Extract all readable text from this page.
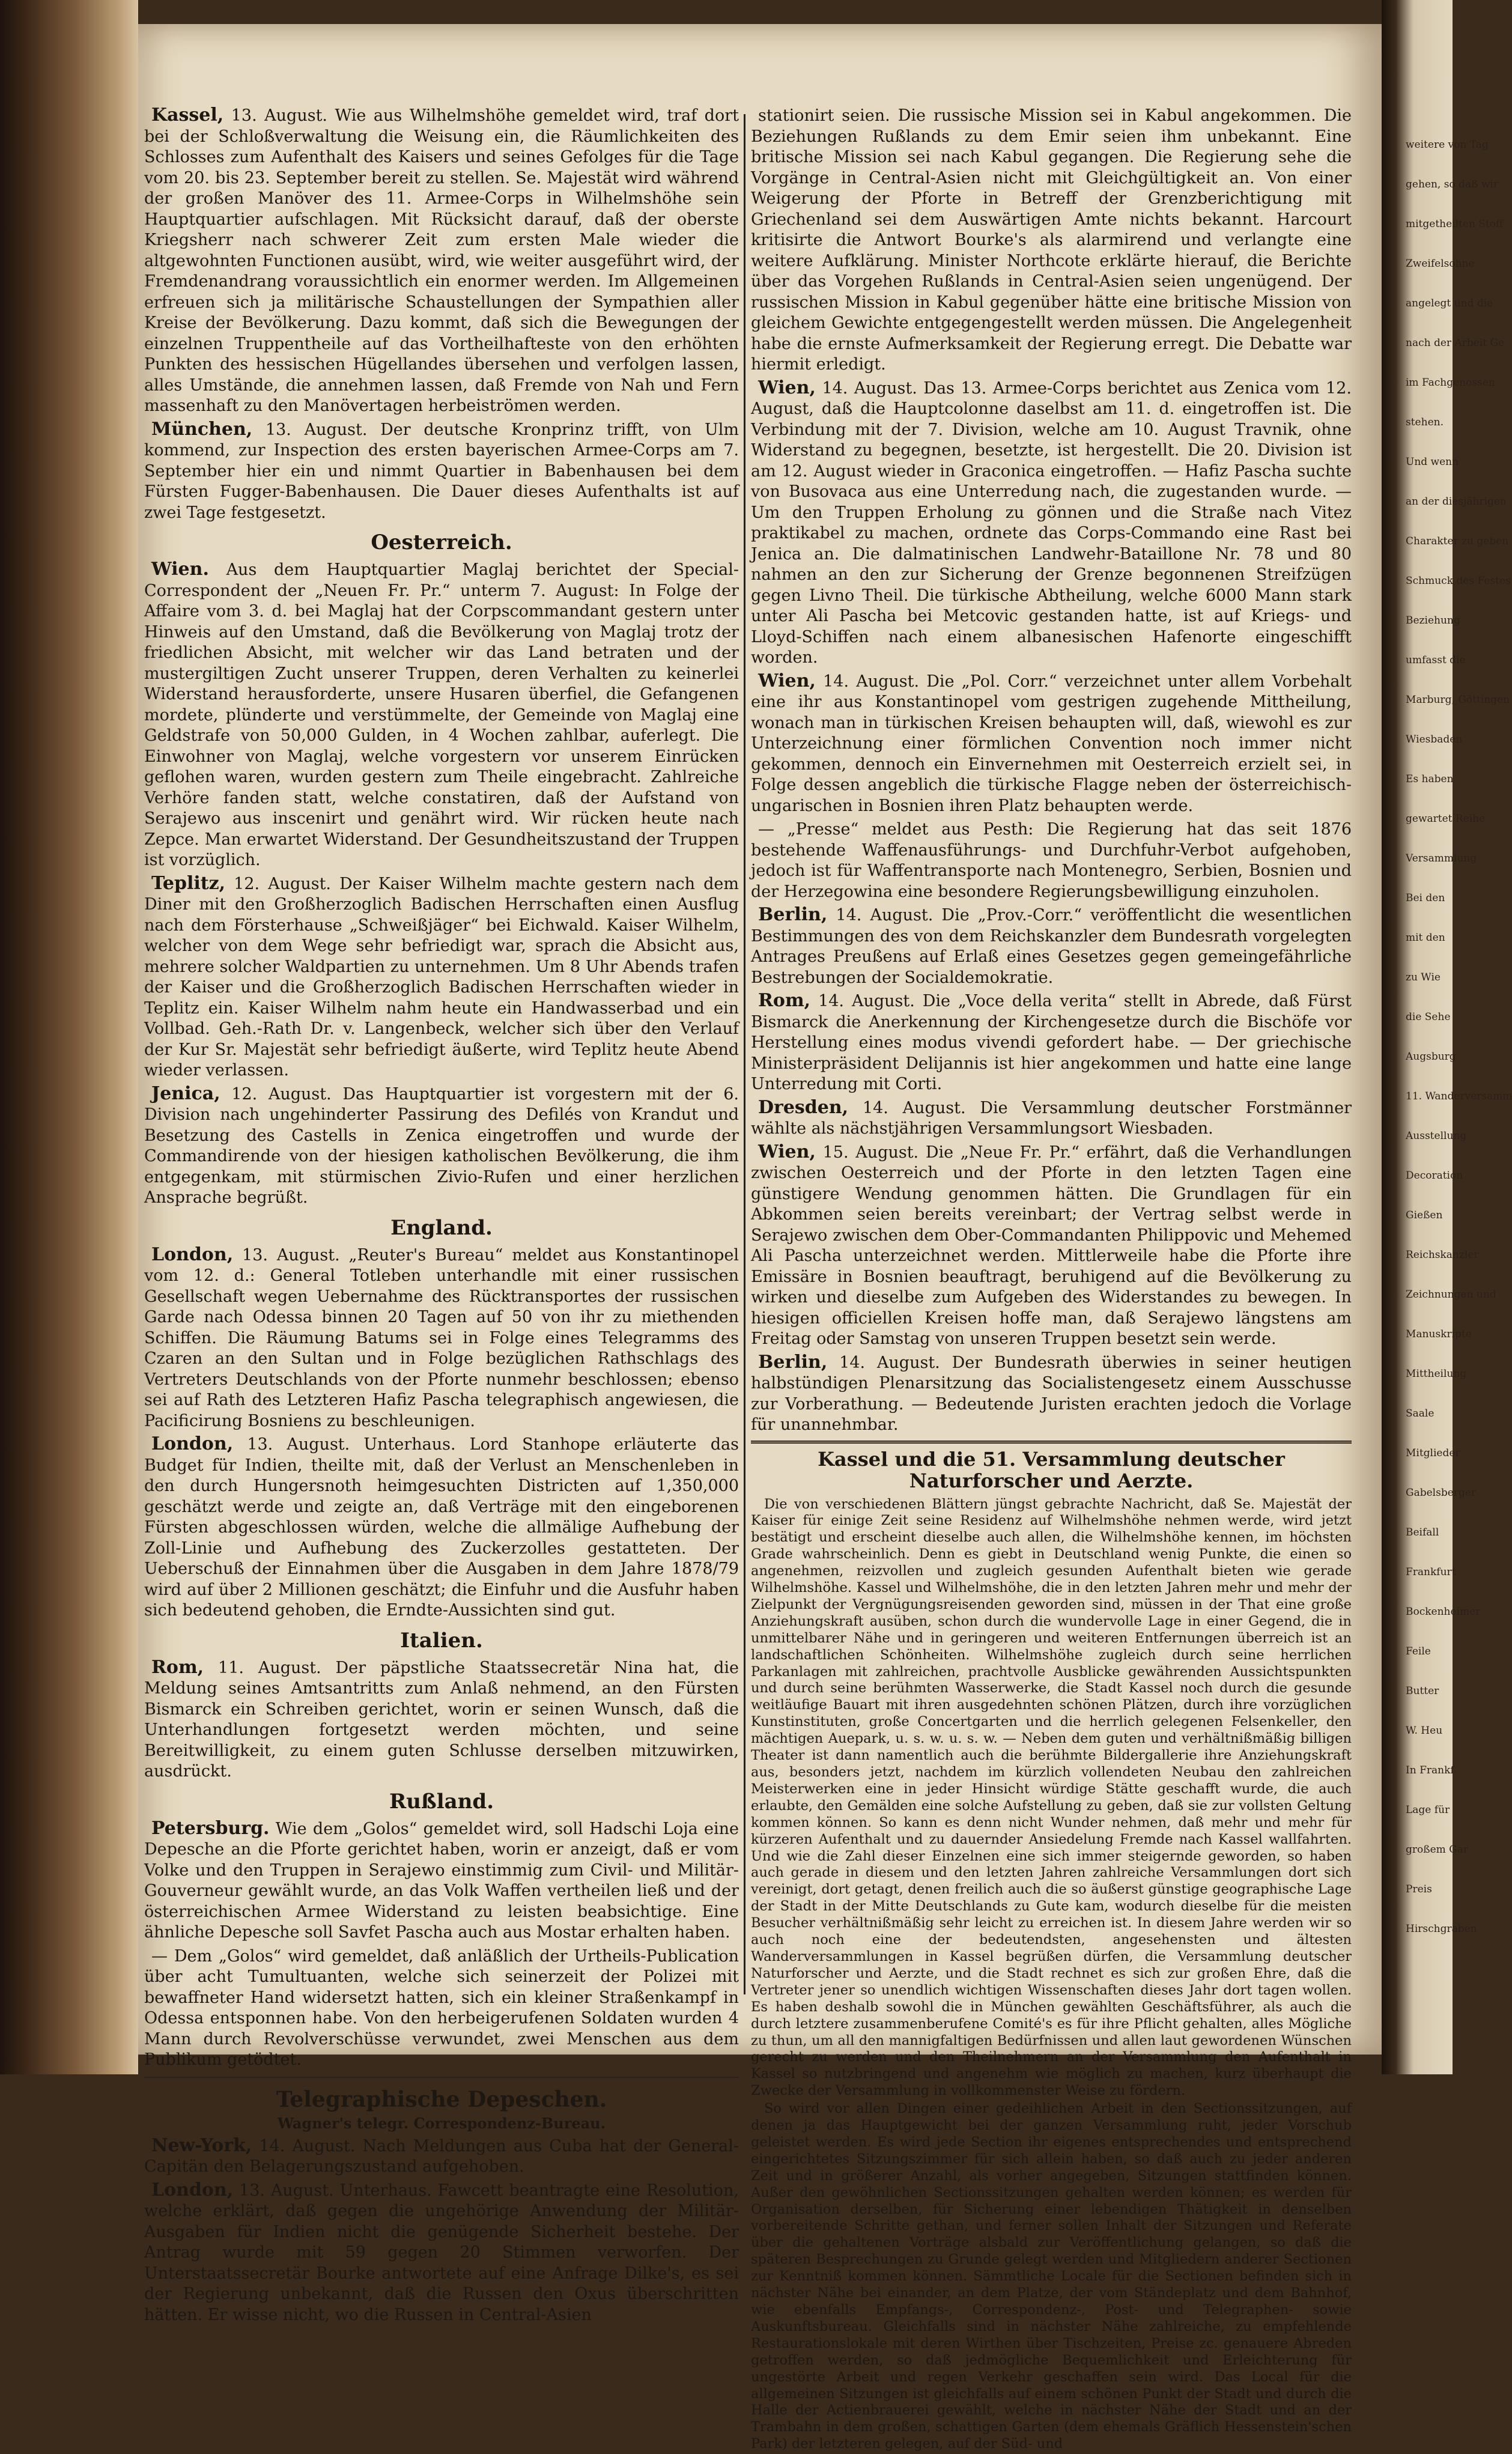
Kassel, 13. August. Wie aus Wilhelmshöhe gemeldet wird, traf dort bei der Schloßverwaltung die Weisung ein, die Räumlichkeiten des Schlosses zum Aufenthalt des Kaisers und seines Gefolges für die Tage vom 20. bis 23. September bereit zu stellen. Se. Majestät wird während der großen Manöver des 11. Armee-Corps in Wilhelmshöhe sein Hauptquartier aufschlagen. Mit Rücksicht darauf, daß der oberste Kriegsherr nach schwerer Zeit zum ersten Male wieder die altgewohnten Functionen ausübt, wird, wie weiter ausgeführt wird, der Fremdenandrang voraussichtlich ein enormer werden. Im Allgemeinen erfreuen sich ja militärische Schaustellungen der Sympathien aller Kreise der Bevölkerung. Dazu kommt, daß sich die Bewegungen der einzelnen Truppentheile auf das Vortheilhafteste von den erhöhten Punkten des hessischen Hügellandes übersehen und verfolgen lassen, alles Umstände, die annehmen lassen, daß Fremde von Nah und Fern massenhaft zu den Manövertagen herbeiströmen werden.

München, 13. August. Der deutsche Kronprinz trifft, von Ulm kommend, zur Inspection des ersten bayerischen Armee-Corps am 7. September hier ein und nimmt Quartier in Babenhausen bei dem Fürsten Fugger-Babenhausen. Die Dauer dieses Aufenthalts ist auf zwei Tage festgesetzt.

Oesterreich.

Wien. Aus dem Hauptquartier Maglaj berichtet der Special-Correspondent der „Neuen Fr. Pr.“ unterm 7. August: In Folge der Affaire vom 3. d. bei Maglaj hat der Corpscommandant gestern unter Hinweis auf den Umstand, daß die Bevölkerung von Maglaj trotz der friedlichen Absicht, mit welcher wir das Land betraten und der mustergiltigen Zucht unserer Truppen, deren Verhalten zu keinerlei Widerstand herausforderte, unsere Husaren überfiel, die Gefangenen mordete, plünderte und verstümmelte, der Gemeinde von Maglaj eine Geldstrafe von 50,000 Gulden, in 4 Wochen zahlbar, auferlegt. Die Einwohner von Maglaj, welche vorgestern vor unserem Einrücken geflohen waren, wurden gestern zum Theile eingebracht. Zahlreiche Verhöre fanden statt, welche constatiren, daß der Aufstand von Serajewo aus inscenirt und genährt wird. Wir rücken heute nach Zepce. Man erwartet Widerstand. Der Gesundheitszustand der Truppen ist vorzüglich.

Teplitz, 12. August. Der Kaiser Wilhelm machte gestern nach dem Diner mit den Großherzoglich Badischen Herrschaften einen Ausflug nach dem Försterhause „Schweißjäger“ bei Eichwald. Kaiser Wilhelm, welcher von dem Wege sehr befriedigt war, sprach die Absicht aus, mehrere solcher Waldpartien zu unternehmen. Um 8 Uhr Abends trafen der Kaiser und die Großherzoglich Badischen Herrschaften wieder in Teplitz ein. Kaiser Wilhelm nahm heute ein Handwasserbad und ein Vollbad. Geh.-Rath Dr. v. Langenbeck, welcher sich über den Verlauf der Kur Sr. Majestät sehr befriedigt äußerte, wird Teplitz heute Abend wieder verlassen.

Jenica, 12. August. Das Hauptquartier ist vorgestern mit der 6. Division nach ungehinderter Passirung des Defilés von Krandut und Besetzung des Castells in Zenica eingetroffen und wurde der Commandirende von der hiesigen katholischen Bevölkerung, die ihm entgegenkam, mit stürmischen Zivio-Rufen und einer herzlichen Ansprache begrüßt.

England.

London, 13. August. „Reuter's Bureau“ meldet aus Konstantinopel vom 12. d.: General Totleben unterhandle mit einer russischen Gesellschaft wegen Uebernahme des Rücktransportes der russischen Garde nach Odessa binnen 20 Tagen auf 50 von ihr zu miethenden Schiffen. Die Räumung Batums sei in Folge eines Telegramms des Czaren an den Sultan und in Folge bezüglichen Rathschlags des Vertreters Deutschlands von der Pforte nunmehr beschlossen; ebenso sei auf Rath des Letzteren Hafiz Pascha telegraphisch angewiesen, die Pacificirung Bosniens zu beschleunigen.

London, 13. August. Unterhaus. Lord Stanhope erläuterte das Budget für Indien, theilte mit, daß der Verlust an Menschenleben in den durch Hungersnoth heimgesuchten Districten auf 1,350,000 geschätzt werde und zeigte an, daß Verträge mit den eingeborenen Fürsten abgeschlossen würden, welche die allmälige Aufhebung der Zoll-Linie und Aufhebung des Zuckerzolles gestatteten. Der Ueberschuß der Einnahmen über die Ausgaben in dem Jahre 1878/79 wird auf über 2 Millionen geschätzt; die Einfuhr und die Ausfuhr haben sich bedeutend gehoben, die Erndte-Aussichten sind gut.

Italien.

Rom, 11. August. Der päpstliche Staatssecretär Nina hat, die Meldung seines Amtsantritts zum Anlaß nehmend, an den Fürsten Bismarck ein Schreiben gerichtet, worin er seinen Wunsch, daß die Unterhandlungen fortgesetzt werden möchten, und seine Bereitwilligkeit, zu einem guten Schlusse derselben mitzuwirken, ausdrückt.

Rußland.

Petersburg. Wie dem „Golos“ gemeldet wird, soll Hadschi Loja eine Depesche an die Pforte gerichtet haben, worin er anzeigt, daß er vom Volke und den Truppen in Serajewo einstimmig zum Civil- und Militär-Gouverneur gewählt wurde, an das Volk Waffen vertheilen ließ und der österreichischen Armee Widerstand zu leisten beabsichtige. Eine ähnliche Depesche soll Savfet Pascha auch aus Mostar erhalten haben.

— Dem „Golos“ wird gemeldet, daß anläßlich der Urtheils-Publication über acht Tumultuanten, welche sich seinerzeit der Polizei mit bewaffneter Hand widersetzt hatten, sich ein kleiner Straßenkampf in Odessa entsponnen habe. Von den herbeigerufenen Soldaten wurden 4 Mann durch Revolverschüsse verwundet, zwei Menschen aus dem Publikum getödtet.

Telegraphische Depeschen.
Wagner's telegr. Correspondenz-Bureau.

New-York, 14. August. Nach Meldungen aus Cuba hat der General-Capitän den Belagerungszustand aufgehoben.

London, 13. August. Unterhaus. Fawcett beantragte eine Resolution, welche erklärt, daß gegen die ungehörige Anwendung der Militär-Ausgaben für Indien nicht die genügende Sicherheit bestehe. Der Antrag wurde mit 59 gegen 20 Stimmen verworfen. Der Unterstaatssecretär Bourke antwortete auf eine Anfrage Dilke's, es sei der Regierung unbekannt, daß die Russen den Oxus überschritten hätten. Er wisse nicht, wo die Russen in Central-Asien

stationirt seien. Die russische Mission sei in Kabul angekommen. Die Beziehungen Rußlands zu dem Emir seien ihm unbekannt. Eine britische Mission sei nach Kabul gegangen. Die Regierung sehe die Vorgänge in Central-Asien nicht mit Gleichgültigkeit an. Von einer Weigerung der Pforte in Betreff der Grenzberichtigung mit Griechenland sei dem Auswärtigen Amte nichts bekannt. Harcourt kritisirte die Antwort Bourke's als alarmirend und verlangte eine weitere Aufklärung. Minister Northcote erklärte hierauf, die Berichte über das Vorgehen Rußlands in Central-Asien seien ungenügend. Der russischen Mission in Kabul gegenüber hätte eine britische Mission von gleichem Gewichte entgegengestellt werden müssen. Die Angelegenheit habe die ernste Aufmerksamkeit der Regierung erregt. Die Debatte war hiermit erledigt.

Wien, 14. August. Das 13. Armee-Corps berichtet aus Zenica vom 12. August, daß die Hauptcolonne daselbst am 11. d. eingetroffen ist. Die Verbindung mit der 7. Division, welche am 10. August Travnik, ohne Widerstand zu begegnen, besetzte, ist hergestellt. Die 20. Division ist am 12. August wieder in Graconica eingetroffen. — Hafiz Pascha suchte von Busovaca aus eine Unterredung nach, die zugestanden wurde. — Um den Truppen Erholung zu gönnen und die Straße nach Vitez praktikabel zu machen, ordnete das Corps-Commando eine Rast bei Jenica an. Die dalmatinischen Landwehr-Bataillone Nr. 78 und 80 nahmen an den zur Sicherung der Grenze begonnenen Streifzügen gegen Livno Theil. Die türkische Abtheilung, welche 6000 Mann stark unter Ali Pascha bei Metcovic gestanden hatte, ist auf Kriegs- und Lloyd-Schiffen nach einem albanesischen Hafenorte eingeschifft worden.

Wien, 14. August. Die „Pol. Corr.“ verzeichnet unter allem Vorbehalt eine ihr aus Konstantinopel vom gestrigen zugehende Mittheilung, wonach man in türkischen Kreisen behaupten will, daß, wiewohl es zur Unterzeichnung einer förmlichen Convention noch immer nicht gekommen, dennoch ein Einvernehmen mit Oesterreich erzielt sei, in Folge dessen angeblich die türkische Flagge neben der österreichisch-ungarischen in Bosnien ihren Platz behaupten werde.

— „Presse“ meldet aus Pesth: Die Regierung hat das seit 1876 bestehende Waffenausführungs- und Durchfuhr-Verbot aufgehoben, jedoch ist für Waffentransporte nach Montenegro, Serbien, Bosnien und der Herzegowina eine besondere Regierungsbewilligung einzuholen.

Berlin, 14. August. Die „Prov.-Corr.“ veröffentlicht die wesentlichen Bestimmungen des von dem Reichskanzler dem Bundesrath vorgelegten Antrages Preußens auf Erlaß eines Gesetzes gegen gemeingefährliche Bestrebungen der Socialdemokratie.

Rom, 14. August. Die „Voce della verita“ stellt in Abrede, daß Fürst Bismarck die Anerkennung der Kirchengesetze durch die Bischöfe vor Herstellung eines modus vivendi gefordert habe. — Der griechische Ministerpräsident Delijannis ist hier angekommen und hatte eine lange Unterredung mit Corti.

Dresden, 14. August. Die Versammlung deutscher Forstmänner wählte als nächstjährigen Versammlungsort Wiesbaden.

Wien, 15. August. Die „Neue Fr. Pr.“ erfährt, daß die Verhandlungen zwischen Oesterreich und der Pforte in den letzten Tagen eine günstigere Wendung genommen hätten. Die Grundlagen für ein Abkommen seien bereits vereinbart; der Vertrag selbst werde in Serajewo zwischen dem Ober-Commandanten Philippovic und Mehemed Ali Pascha unterzeichnet werden. Mittlerweile habe die Pforte ihre Emissäre in Bosnien beauftragt, beruhigend auf die Bevölkerung zu wirken und dieselbe zum Aufgeben des Widerstandes zu bewegen. In hiesigen officiellen Kreisen hoffe man, daß Serajewo längstens am Freitag oder Samstag von unseren Truppen besetzt sein werde.

Berlin, 14. August. Der Bundesrath überwies in seiner heutigen halbstündigen Plenarsitzung das Socialistengesetz einem Ausschusse zur Vorberathung. — Bedeutende Juristen erachten jedoch die Vorlage für unannehmbar.

Kassel und die 51. Versammlung deutscher Naturforscher und Aerzte.

Die von verschiedenen Blättern jüngst gebrachte Nachricht, daß Se. Majestät der Kaiser für einige Zeit seine Residenz auf Wilhelmshöhe nehmen werde, wird jetzt bestätigt und erscheint dieselbe auch allen, die Wilhelmshöhe kennen, im höchsten Grade wahrscheinlich. Denn es giebt in Deutschland wenig Punkte, die einen so angenehmen, reizvollen und zugleich gesunden Aufenthalt bieten wie gerade Wilhelmshöhe. Kassel und Wilhelmshöhe, die in den letzten Jahren mehr und mehr der Zielpunkt der Vergnügungsreisenden geworden sind, müssen in der That eine große Anziehungskraft ausüben, schon durch die wundervolle Lage in einer Gegend, die in unmittelbarer Nähe und in geringeren und weiteren Entfernungen überreich ist an landschaftlichen Schönheiten. Wilhelmshöhe zugleich durch seine herrlichen Parkanlagen mit zahlreichen, prachtvolle Ausblicke gewährenden Aussichtspunkten und durch seine berühmten Wasserwerke, die Stadt Kassel noch durch die gesunde weitläufige Bauart mit ihren ausgedehnten schönen Plätzen, durch ihre vorzüglichen Kunstinstituten, große Concertgarten und die herrlich gelegenen Felsenkeller, den mächtigen Auepark, u. s. w. u. s. w. — Neben dem guten und verhältnißmäßig billigen Theater ist dann namentlich auch die berühmte Bildergallerie ihre Anziehungskraft aus, besonders jetzt, nachdem im kürzlich vollendeten Neubau den zahlreichen Meisterwerken eine in jeder Hinsicht würdige Stätte geschafft wurde, die auch erlaubte, den Gemälden eine solche Aufstellung zu geben, daß sie zur vollsten Geltung kommen können. So kann es denn nicht Wunder nehmen, daß mehr und mehr für kürzeren Aufenthalt und zu dauernder Ansiedelung Fremde nach Kassel wallfahrten. Und wie die Zahl dieser Einzelnen eine sich immer steigernde geworden, so haben auch gerade in diesem und den letzten Jahren zahlreiche Versammlungen dort sich vereinigt, dort getagt, denen freilich auch die so äußerst günstige geographische Lage der Stadt in der Mitte Deutschlands zu Gute kam, wodurch dieselbe für die meisten Besucher verhältnißmäßig sehr leicht zu erreichen ist. In diesem Jahre werden wir so auch noch eine der bedeutendsten, angesehensten und ältesten Wanderversammlungen in Kassel begrüßen dürfen, die Versammlung deutscher Naturforscher und Aerzte, und die Stadt rechnet es sich zur großen Ehre, daß die Vertreter jener so unendlich wichtigen Wissenschaften dieses Jahr dort tagen wollen. Es haben deshalb sowohl die in München gewählten Geschäftsführer, als auch die durch letztere zusammenberufene Comité's es für ihre Pflicht gehalten, alles Mögliche zu thun, um all den mannigfaltigen Bedürfnissen und allen laut gewordenen Wünschen gerecht zu werden und den Theilnehmern an der Versammlung den Aufenthalt in Kassel so nutzbringend und angenehm wie möglich zu machen, kurz überhaupt die Zwecke der Versammlung in vollkommenster Weise zu fördern.

So wird vor allen Dingen einer gedeihlichen Arbeit in den Sectionssitzungen, auf denen ja das Hauptgewicht bei der ganzen Versammlung ruht, jeder Vorschub geleistet werden. Es wird jede Section ihr eigenes entsprechendes und entsprechend eingerichtetes Sitzungszimmer für sich allein haben, so daß auch zu jeder anderen Zeit und in größerer Anzahl, als vorher angegeben, Sitzungen stattfinden können. Außer den gewöhnlichen Sectionssitzungen gehalten werden können; es werden für Organisation derselben, für Sicherung einer lebendigen Thätigkeit in denselben vorbereitende Schritte gethan, und ferner sollen Inhalt der Sitzungen und Referate über die gehaltenen Vorträge alsbald zur Veröffentlichung gelangen, so daß die späteren Besprechungen zu Grunde gelegt werden und Mitgliedern anderer Sectionen zur Kenntniß kommen können. Sämmtliche Locale für die Sectionen befinden sich in nächster Nähe bei einander, an dem Platze, der vom Ständeplatz und dem Bahnhof, wie ebenfalls Empfangs-, Correspondenz-, Post- und Telegraphen- sowie Auskunftsbureau. Gleichfalls sind in nächster Nähe zahlreiche, zu empfehlende Restaurationslokale mit deren Wirthen über Tischzeiten, Preise zc. genauere Abreden getroffen werden, so daß jedmögliche Bequemlichkeit und Erleichterung für ungestörte Arbeit und regen Verkehr geschaffen sein wird. Das Local für die allgemeinen Sitzungen ist gleichfalls auf einem schönen Punkt der Stadt und durch die Halle der Actienbrauerei gewählt, welche in nächster Nähe der Stadt und an der Trambahn in dem großen, schattigen Garten (dem ehemals Gräflich Hessenstein'schen Park) der letzteren gelegen, auf der Süd- und

weitere von Tag
gehen, so daß wir
mitgetheilten Stoff
Zweifelsohne
angelegt und die
nach der Arbeit Ge
im Fachgenossen
stehen.
Und wenn
an der diesjährigen
Charakter zu geben
Schmuck des Festes
Beziehung
umfasst die
Marburg, Göttingen
Wiesbaden
Es haben
gewartet Reihe
Versammlung
Bei den
mit den
zu Wie
die Sehe
Augsburg
11. Wanderversamm
Ausstellung
Decoration
Gießen
Reichskanzler
Zeichnungen und
Manuskripte
Mittheilung
Saale
Mitglieder
Gabelsberger
Beifall
Frankfurt
Bockenheimer
Feile
Butter
W. Heu
In Frankf
Lage für
großem Gar
Preis
Hirschgraben
